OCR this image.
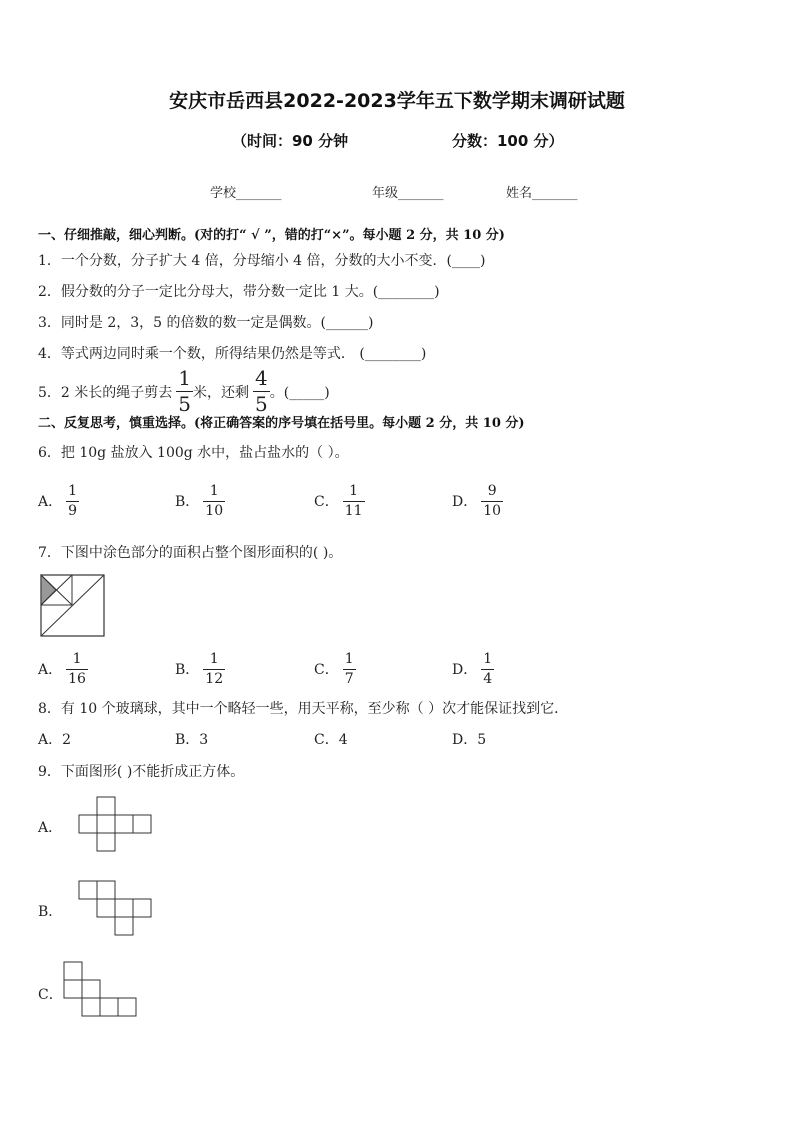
安庆市岳西县2022-2023学年五下数学期末调研试题
（时间：90 分钟	分数：100 分）
学校_______	年级_______	姓名_______
一、仔细推敲，细心判断。(对的打“ √ ”，错的打“×”。每小题 2 分，共 10 分)
1．一个分数，分子扩大 4 倍，分母缩小 4 倍，分数的大小不变．(____)
2．假分数的分子一定比分母大，带分数一定比 1 大。(________)
3．同时是 2，3，5 的倍数的数一定是偶数。(______)
4．等式两边同时乘一个数，所得结果仍然是等式． (________)
5．2 米长的绳子剪去 $\frac{1}{5}$ 米，还剩 $\frac{4}{5}$ 。(_____)
二、反复思考，慎重选择。(将正确答案的序号填在括号里。每小题 2 分，共 10 分)
6．把 10g 盐放入 100g 水中，盐占盐水的（ ）。
A． $\frac{1}{9}$	B． $\frac{1}{10}$	C． $\frac{1}{11}$	D． $\frac{9}{10}$
7．下图中涂色部分的面积占整个图形面积的( )。
A． $\frac{1}{16}$	B． $\frac{1}{12}$	C． $\frac{1}{7}$	D． $\frac{1}{4}$
8．有 10 个玻璃球，其中一个略轻一些，用天平称，至少称（ ）次才能保证找到它．
A．2	B．3	C．4	D．5
9．下面图形( )不能折成正方体。
A．
B．
C．
